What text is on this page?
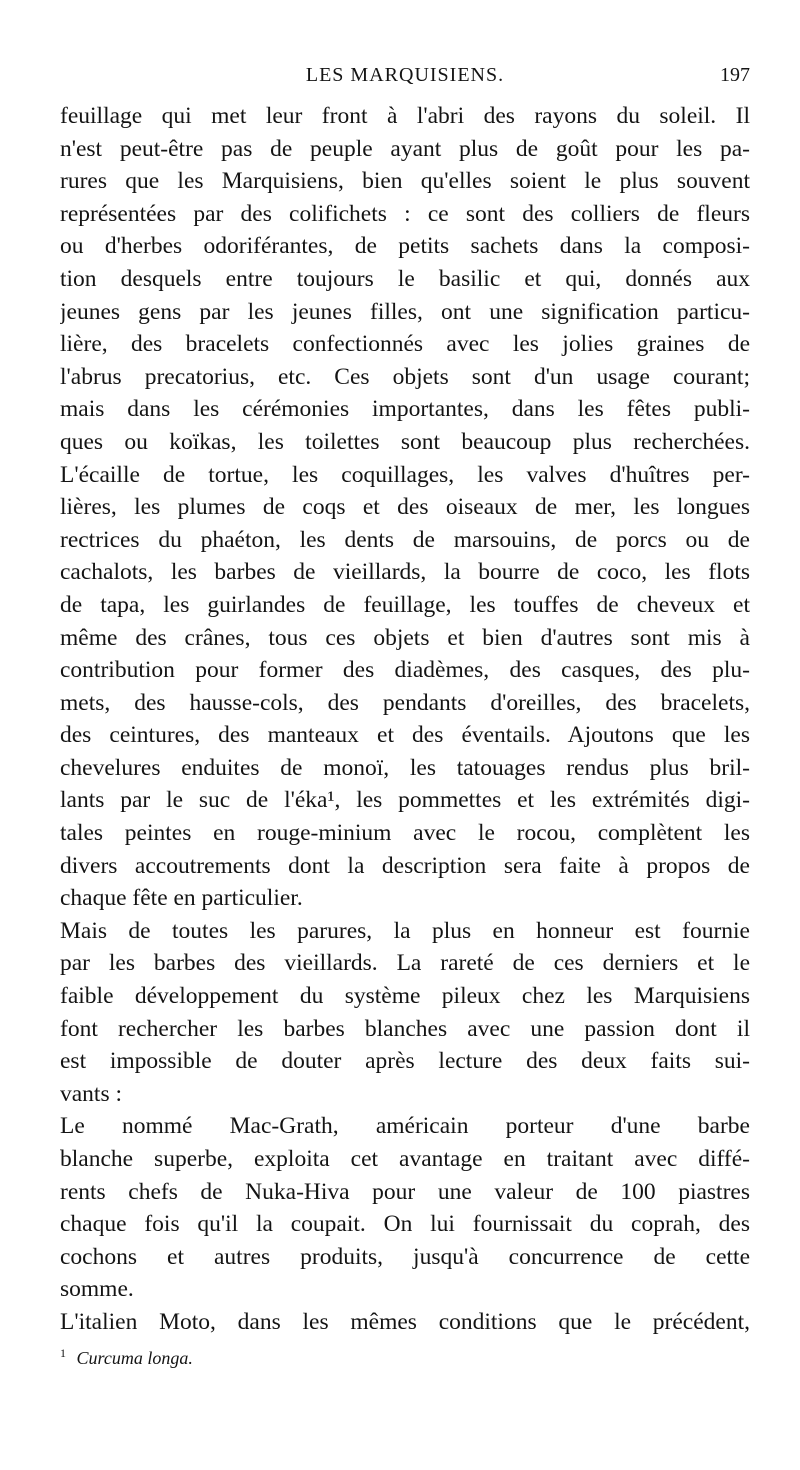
LES MARQUISIENS.	197
feuillage qui met leur front à l'abri des rayons du soleil. Il
n'est peut-être pas de peuple ayant plus de goût pour les pa-
rures que les Marquisiens, bien qu'elles soient le plus souvent
représentées par des colifichets : ce sont des colliers de fleurs
ou d'herbes odoriférantes, de petits sachets dans la composi-
tion desquels entre toujours le basilic et qui, donnés aux
jeunes gens par les jeunes filles, ont une signification particu-
lière, des bracelets confectionnés avec les jolies graines de
l'abrus precatorius, etc. Ces objets sont d'un usage courant;
mais dans les cérémonies importantes, dans les fêtes publi-
ques ou koïkas, les toilettes sont beaucoup plus recherchées.
L'écaille de tortue, les coquillages, les valves d'huîtres per-
lières, les plumes de coqs et des oiseaux de mer, les longues
rectrices du phaéton, les dents de marsouins, de porcs ou de
cachalots, les barbes de vieillards, la bourre de coco, les flots
de tapa, les guirlandes de feuillage, les touffes de cheveux et
même des crânes, tous ces objets et bien d'autres sont mis à
contribution pour former des diadèmes, des casques, des plu-
mets, des hausse-cols, des pendants d'oreilles, des bracelets,
des ceintures, des manteaux et des éventails. Ajoutons que les
chevelures enduites de monoï, les tatouages rendus plus bril-
lants par le suc de l'éka¹, les pommettes et les extrémités digi-
tales peintes en rouge-minium avec le rocou, complètent les
divers accoutrements dont la description sera faite à propos de
chaque fête en particulier.
Mais de toutes les parures, la plus en honneur est fournie
par les barbes des vieillards. La rareté de ces derniers et le
faible développement du système pileux chez les Marquisiens
font rechercher les barbes blanches avec une passion dont il
est impossible de douter après lecture des deux faits sui-
vants :
Le nommé Mac-Grath, américain porteur d'une barbe
blanche superbe, exploita cet avantage en traitant avec diffé-
rents chefs de Nuka-Hiva pour une valeur de 100 piastres
chaque fois qu'il la coupait. On lui fournissait du coprah, des
cochons et autres produits, jusqu'à concurrence de cette
somme.
L'italien Moto, dans les mêmes conditions que le précédent,
$^1$ Curcuma longa.
